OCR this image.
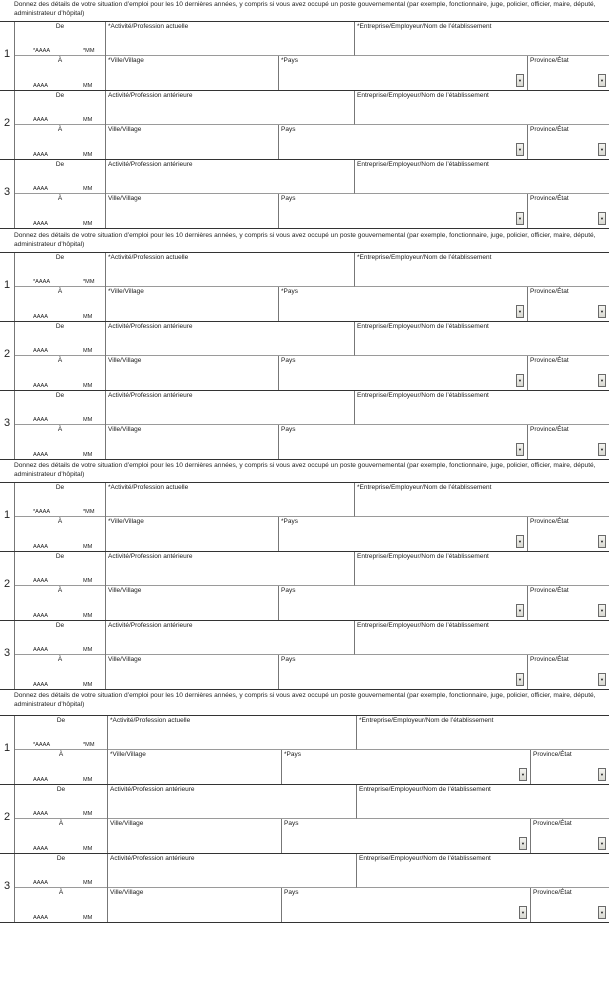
Donnez des détails de votre situation d’emploi pour les 10 dernières années, y compris si vous avez occupé un poste gouvernemental (par exemple, fonctionnaire, juge, policier, officier, maire, député, administrateur d’hôpital)
1
De
*AAAA	*MM
À
AAAA	MM
*Activité/Profession actuelle	*Entreprise/Employeur/Nom de l’établissement
*Ville/Village	*Pays
▼
Province/État
▼
2
De
AAAA	MM
À
AAAA	MM
Activité/Profession antérieure	Entreprise/Employeur/Nom de l’établissement
Ville/Village	Pays
▼
Province/État
▼
3
De
AAAA	MM
À
AAAA	MM
Activité/Profession antérieure	Entreprise/Employeur/Nom de l’établissement
Ville/Village	Pays
▼
Province/État
▼
Donnez des détails de votre situation d’emploi pour les 10 dernières années, y compris si vous avez occupé un poste gouvernemental (par exemple, fonctionnaire, juge, policier, officier, maire, député, administrateur d’hôpital)
1
De
*AAAA	*MM
À
AAAA	MM
*Activité/Profession actuelle	*Entreprise/Employeur/Nom de l’établissement
*Ville/Village	*Pays
▼
Province/État
▼
2
De
AAAA	MM
À
AAAA	MM
Activité/Profession antérieure	Entreprise/Employeur/Nom de l’établissement
Ville/Village	Pays
▼
Province/État
▼
3
De
AAAA	MM
À
AAAA	MM
Activité/Profession antérieure	Entreprise/Employeur/Nom de l’établissement
Ville/Village	Pays
▼
Province/État
▼
Donnez des détails de votre situation d’emploi pour les 10 dernières années, y compris si vous avez occupé un poste gouvernemental (par exemple, fonctionnaire, juge, policier, officier, maire, député, administrateur d’hôpital)
1
De
*AAAA	*MM
À
AAAA	MM
*Activité/Profession actuelle	*Entreprise/Employeur/Nom de l’établissement
*Ville/Village	*Pays
▼
Province/État
▼
2
De
AAAA	MM
À
AAAA	MM
Activité/Profession antérieure	Entreprise/Employeur/Nom de l’établissement
Ville/Village	Pays
▼
Province/État
▼
3
De
AAAA	MM
À
AAAA	MM
Activité/Profession antérieure	Entreprise/Employeur/Nom de l’établissement
Ville/Village	Pays
▼
Province/État
▼
Donnez des détails de votre situation d’emploi pour les 10 dernières années, y compris si vous avez occupé un poste gouvernemental (par exemple, fonctionnaire, juge, policier, officier, maire, député, administrateur d’hôpital)
1
De
*AAAA	*MM
À
AAAA	MM
*Activité/Profession actuelle	*Entreprise/Employeur/Nom de l’établissement
*Ville/Village	*Pays
▼
Province/État
▼
2
De
AAAA	MM
À
AAAA	MM
Activité/Profession antérieure	Entreprise/Employeur/Nom de l’établissement
Ville/Village	Pays
▼
Province/État
▼
3
De
AAAA	MM
À
AAAA	MM
Activité/Profession antérieure	Entreprise/Employeur/Nom de l’établissement
Ville/Village	Pays
▼
Province/État
▼
